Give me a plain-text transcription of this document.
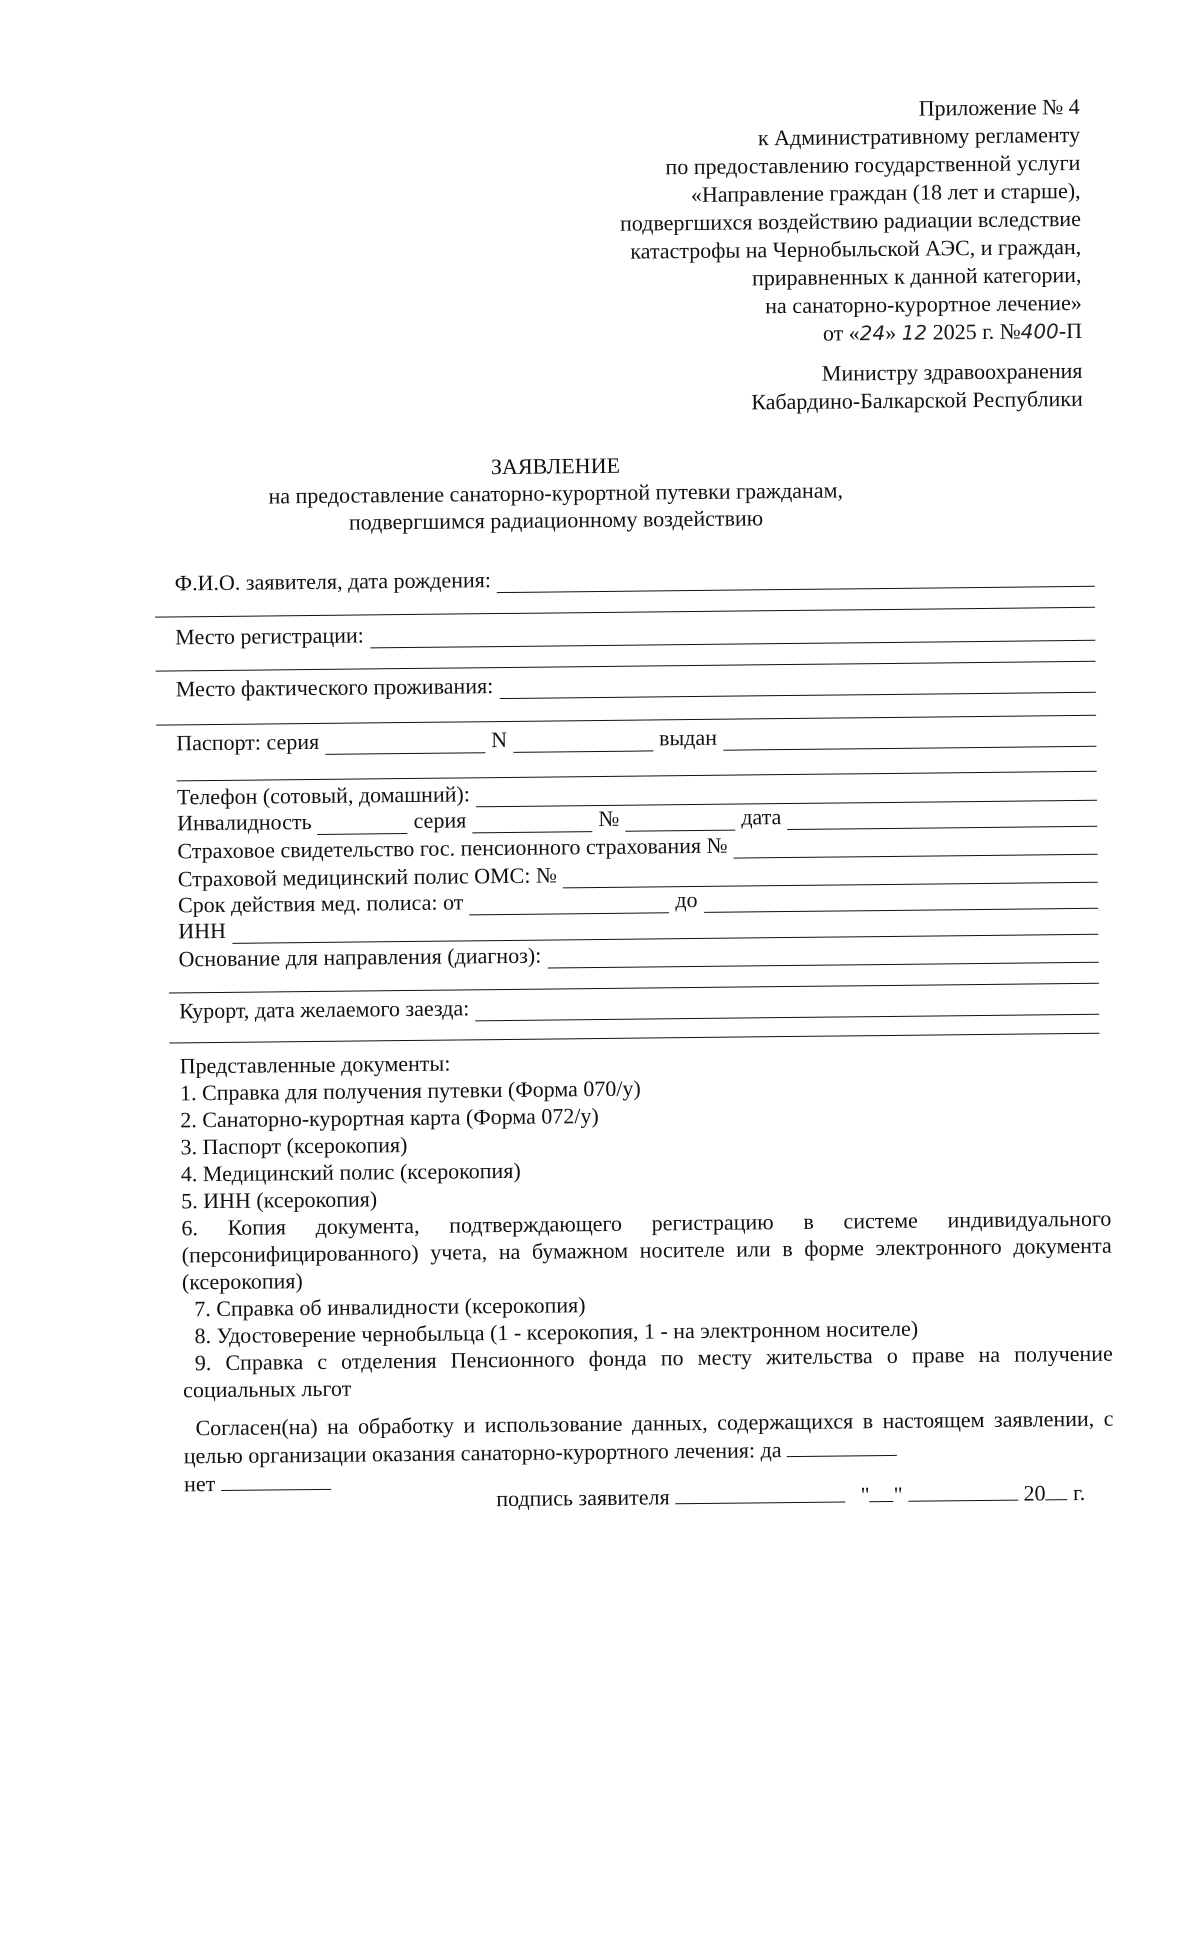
Приложение № 4
к Административному регламенту
по предоставлению государственной услуги
«Направление граждан (18 лет и старше),
подвергшихся воздействию радиации вследствие
катастрофы на Чернобыльской АЭС, и граждан,
приравненных к данной категории,
на санаторно-курортное лечение»
от «24» 12 2025 г. №400-П
Министру здравоохранения
Кабардино-Балкарской Республики
ЗАЯВЛЕНИЕ
на предоставление санаторно-курортной путевки гражданам,
подвергшимся радиационному воздействию
Ф.И.О. заявителя, дата рождения:
Место регистрации:
Место фактического проживания:
Паспорт: серия	N	выдан
Телефон (сотовый, домашний):
Инвалидность	серия	№	дата
Страховое свидетельство гос. пенсионного страхования №
Страховой медицинский полис ОМС: №
Срок действия мед. полиса: от	до
ИНН
Основание для направления (диагноз):
Курорт, дата желаемого заезда:
Представленные документы:
1. Справка для получения путевки (Форма 070/у)
2. Санаторно-курортная карта (Форма 072/у)
3. Паспорт (ксерокопия)
4. Медицинский полис (ксерокопия)
5. ИНН (ксерокопия)
6. Копия документа, подтверждающего регистрацию в системе индивидуального (персонифицированного) учета, на бумажном носителе или в форме электронного документа (ксерокопия)
7. Справка об инвалидности (ксерокопия)
8. Удостоверение чернобыльца (1 - ксерокопия, 1 - на электронном носителе)
9. Справка с отделения Пенсионного фонда по месту жительства о праве на получение социальных льгот
Согласен(на) на обработку и использование данных, содержащихся в настоящем заявлении, с целью организации оказания санаторно-курортного лечения: да
нет
подпись заявителя	" "	20 г.
